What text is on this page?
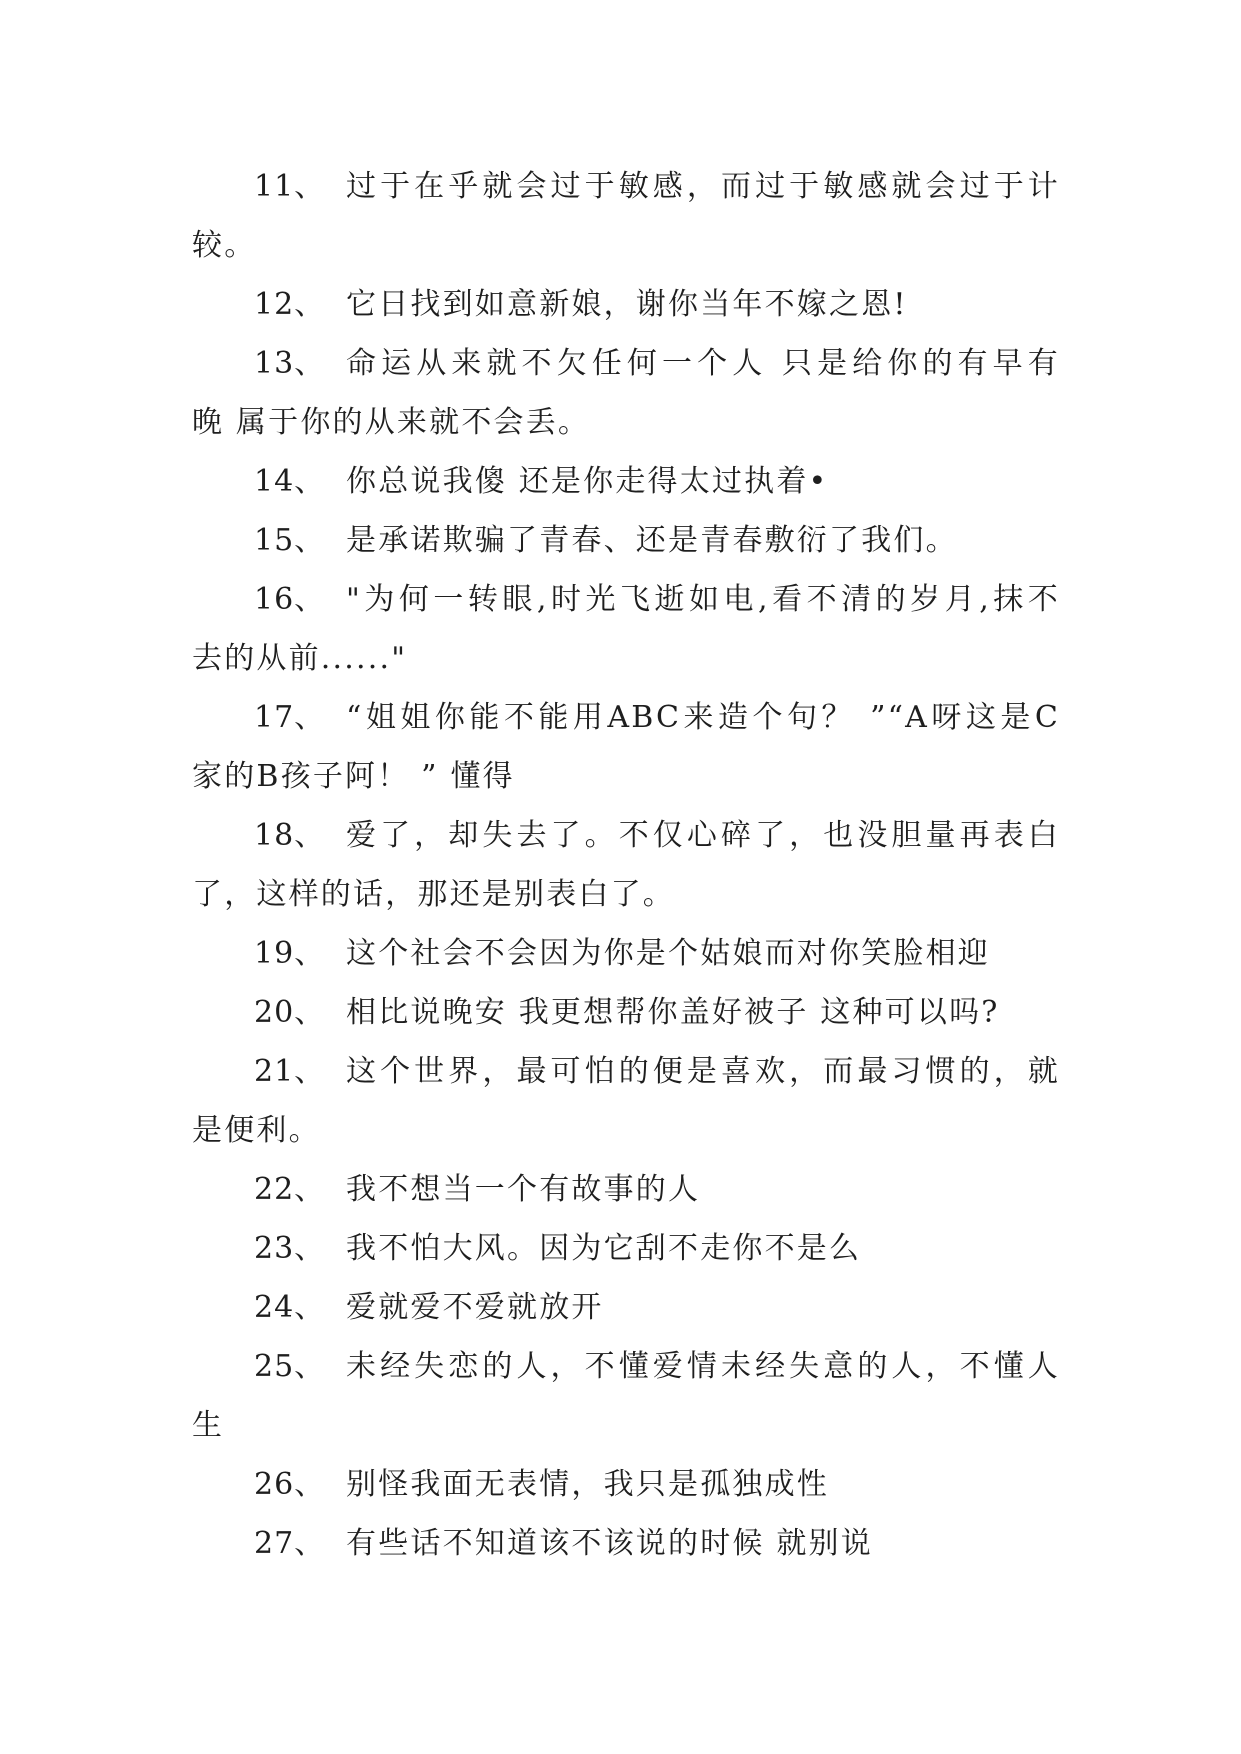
11、 过于在乎就会过于敏感，而过于敏感就会过于计
较。
12、 它日找到如意新娘，谢你当年不嫁之恩!
13、 命运从来就不欠任何一个人 只是给你的有早有
晚 属于你的从来就不会丢。
14、 你总说我傻 还是你走得太过执着•
15、 是承诺欺骗了青春、还是青春敷衍了我们。
16、 "为何一转眼,时光飞逝如电,看不清的岁月,抹不
去的从前......"
17、 “姐姐你能不能用ABC来造个句？ ”“A呀这是C
家的B孩子阿！ ” 懂得
18、 爱了，却失去了。不仅心碎了，也没胆量再表白
了，这样的话，那还是别表白了。
19、 这个社会不会因为你是个姑娘而对你笑脸相迎
20、 相比说晚安 我更想帮你盖好被子 这种可以吗?
21、 这个世界，最可怕的便是喜欢，而最习惯的，就
是便利。
22、 我不想当一个有故事的人
23、 我不怕大风。因为它刮不走你不是么
24、 爱就爱不爱就放开
25、 未经失恋的人，不懂爱情未经失意的人，不懂人
生
26、 别怪我面无表情，我只是孤独成性
27、 有些话不知道该不该说的时候 就别说
